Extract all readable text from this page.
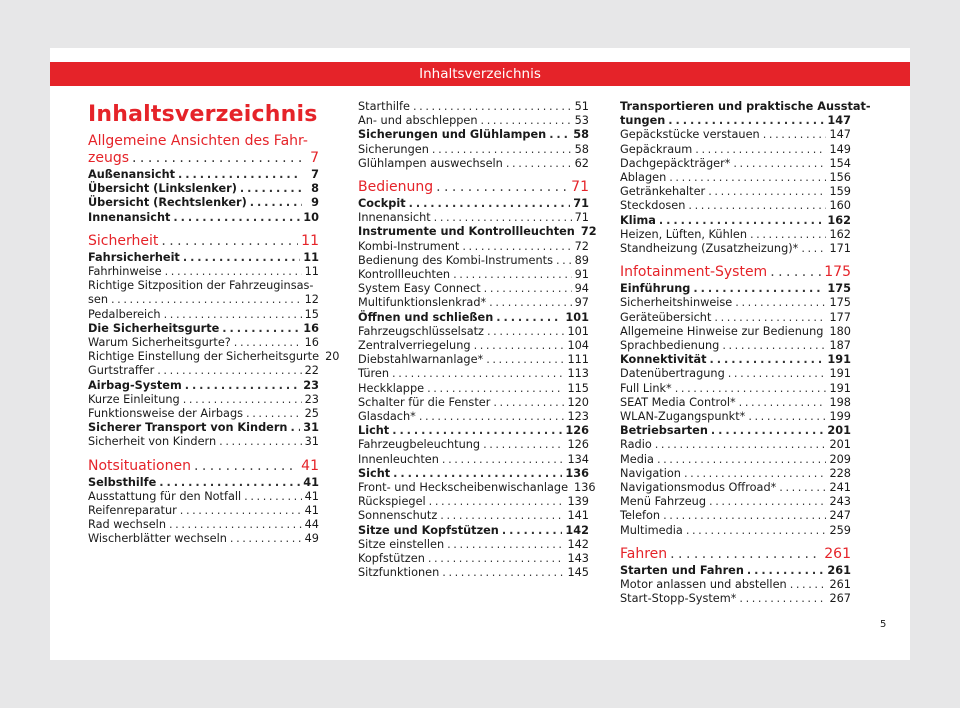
Inhaltsverzeichnis
Inhaltsverzeichnis
Allgemeine Ansichten des Fahr-
zeugs . . .	7
Außenansicht . . .	7
Übersicht (Linkslenker) . . .	8
Übersicht (Rechtslenker) . . .	9
Innenansicht . . .	10
Sicherheit . . .	11
Fahrsicherheit . . .	11
Fahrhinweise . . .	11
Richtige Sitzposition der Fahrzeuginsas-
sen . . .	12
Pedalbereich . . .	15
Die Sicherheitsgurte . . .	16
Warum Sicherheitsgurte? . . .	16
Richtige Einstellung der Sicherheitsgurte 20
Gurtstraffer . . .	22
Airbag-System . . .	23
Kurze Einleitung . . .	23
Funktionsweise der Airbags . . .	25
Sicherer Transport von Kindern . . . 31
Sicherheit von Kindern . . .	31
Notsituationen . . .	41
Selbsthilfe . . .	41
Ausstattung für den Notfall . . .	41
Reifenreparatur . . .	41
Rad wechseln . . .	44
Wischerblätter wechseln . . .	49
Starthilfe . . .	51
An- und abschleppen . . .	53
Sicherungen und Glühlampen . . . 58
Sicherungen . . .	58
Glühlampen auswechseln . . .	62
Bedienung . . .	71
Cockpit . . .	71
Innenansicht . . .	71
Instrumente und Kontrollleuchten 72
Kombi-Instrument . . .	72
Bedienung des Kombi-Instruments . . . 89
Kontrollleuchten . . .	91
System Easy Connect . . .	94
Multifunktionslenkrad* . . .	97
Öffnen und schließen . . .	101
Fahrzeugschlüsselsatz . . .	101
Zentralverriegelung . . .	104
Diebstahlwarnanlage* . . .	111
Türen . . .	113
Heckklappe . . .	115
Schalter für die Fenster . . .	120
Glasdach* . . .	123
Licht . . .	126
Fahrzeugbeleuchtung . . .	126
Innenleuchten . . .	134
Sicht . . .	136
Front- und Heckscheibenwischanlage 136
Rückspiegel . . .	139
Sonnenschutz . . .	141
Sitze und Kopfstützen . . .	142
Sitze einstellen . . .	142
Kopfstützen . . .	143
Sitzfunktionen . . .	145
Transportieren und praktische Ausstat-
tungen . . .	147
Gepäckstücke verstauen . . .	147
Gepäckraum . . .	149
Dachgepäckträger* . . .	154
Ablagen . . .	156
Getränkehalter . . .	159
Steckdosen . . .	160
Klima . . .	162
Heizen, Lüften, Kühlen . . .	162
Standheizung (Zusatzheizung)* . . .	171
Infotainment-System . . .	175
Einführung . . .	175
Sicherheitshinweise . . .	175
Geräteübersicht . . .	177
Allgemeine Hinweise zur Bedienung . . . 180
Sprachbedienung . . .	187
Konnektivität . . .	191
Datenübertragung . . .	191
Full Link* . . .	191
SEAT Media Control* . . .	198
WLAN-Zugangspunkt* . . .	199
Betriebsarten . . .	201
Radio . . .	201
Media . . .	209
Navigation . . .	228
Navigationsmodus Offroad* . . .	241
Menü Fahrzeug . . .	243
Telefon . . .	247
Multimedia . . .	259
Fahren . . .	261
Starten und Fahren . . .	261
Motor anlassen und abstellen . . .	261
Start-Stopp-System* . . .	267
5
